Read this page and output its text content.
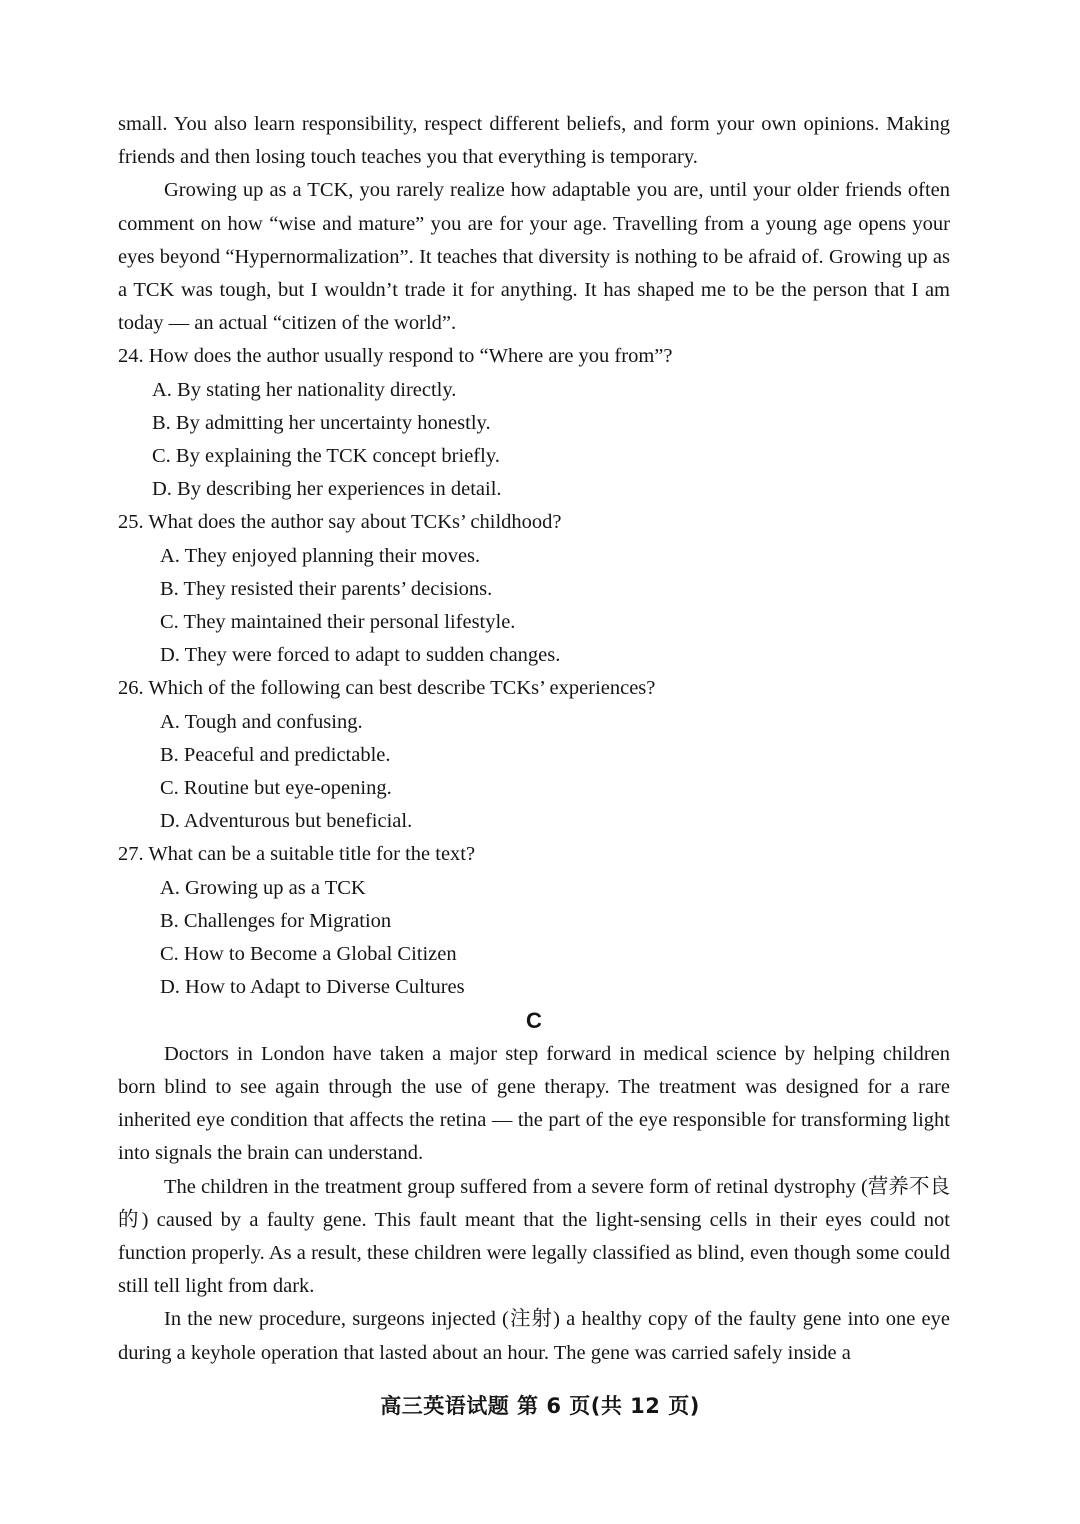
small. You also learn responsibility, respect different beliefs, and form your own opinions. Making friends and then losing touch teaches you that everything is temporary.

Growing up as a TCK, you rarely realize how adaptable you are, until your older friends often comment on how “wise and mature” you are for your age. Travelling from a young age opens your eyes beyond “Hypernormalization”. It teaches that diversity is nothing to be afraid of. Growing up as a TCK was tough, but I wouldn’t trade it for anything. It has shaped me to be the person that I am today — an actual “citizen of the world”.

24. How does the author usually respond to “Where are you from”?

A. By stating her nationality directly.

B. By admitting her uncertainty honestly.

C. By explaining the TCK concept briefly.

D. By describing her experiences in detail.

25. What does the author say about TCKs’ childhood?

A. They enjoyed planning their moves.

B. They resisted their parents’ decisions.

C. They maintained their personal lifestyle.

D. They were forced to adapt to sudden changes.

26. Which of the following can best describe TCKs’ experiences?

A. Tough and confusing.

B. Peaceful and predictable.

C. Routine but eye-opening.

D. Adventurous but beneficial.

27. What can be a suitable title for the text?

A. Growing up as a TCK

B. Challenges for Migration

C. How to Become a Global Citizen

D. How to Adapt to Diverse Cultures

C

Doctors in London have taken a major step forward in medical science by helping children born blind to see again through the use of gene therapy. The treatment was designed for a rare inherited eye condition that affects the retina — the part of the eye responsible for transforming light into signals the brain can understand.

The children in the treatment group suffered from a severe form of retinal dystrophy (营养不良的) caused by a faulty gene. This fault meant that the light-sensing cells in their eyes could not function properly. As a result, these children were legally classified as blind, even though some could still tell light from dark.

In the new procedure, surgeons injected (注射) a healthy copy of the faulty gene into one eye during a keyhole operation that lasted about an hour. The gene was carried safely inside a

高三英语试题 第 6 页(共 12 页)
